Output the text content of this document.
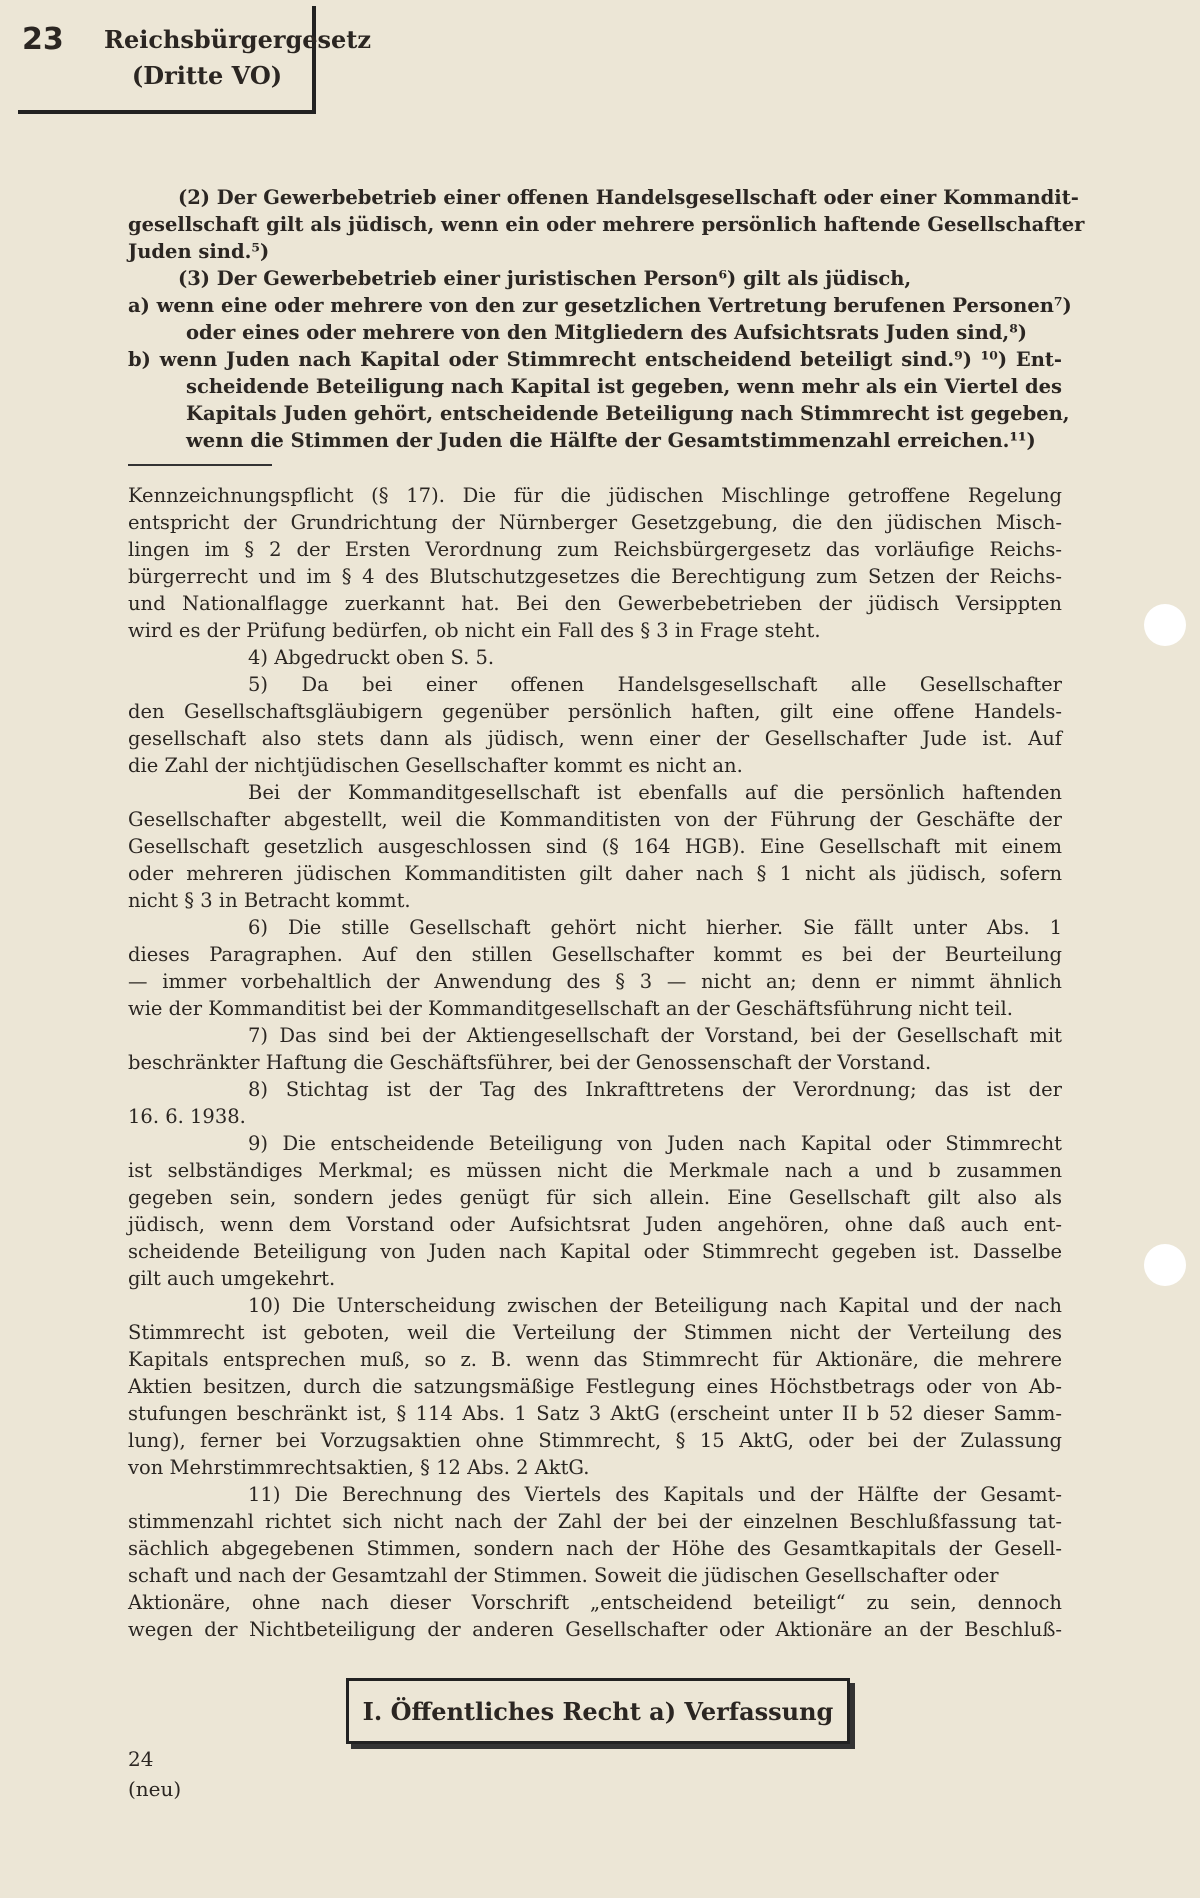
23 Reichsbürgergesetz
(Dritte VO)
(2) Der Gewerbebetrieb einer offenen Handelsgesellschaft oder einer Kommandit-
gesellschaft gilt als jüdisch, wenn ein oder mehrere persönlich haftende Gesellschafter
Juden sind.⁵)
(3) Der Gewerbebetrieb einer juristischen Person⁶) gilt als jüdisch,
a) wenn eine oder mehrere von den zur gesetzlichen Vertretung berufenen Personen⁷)
oder eines oder mehrere von den Mitgliedern des Aufsichtsrats Juden sind,⁸)
b) wenn Juden nach Kapital oder Stimmrecht entscheidend beteiligt sind.⁹) ¹⁰) Ent-
scheidende Beteiligung nach Kapital ist gegeben, wenn mehr als ein Viertel des
Kapitals Juden gehört, entscheidende Beteiligung nach Stimmrecht ist gegeben,
wenn die Stimmen der Juden die Hälfte der Gesamtstimmenzahl erreichen.¹¹)
Kennzeichnungspflicht (§ 17). Die für die jüdischen Mischlinge getroffene Regelung
entspricht der Grundrichtung der Nürnberger Gesetzgebung, die den jüdischen Misch-
lingen im § 2 der Ersten Verordnung zum Reichsbürgergesetz das vorläufige Reichs-
bürgerrecht und im § 4 des Blutschutzgesetzes die Berechtigung zum Setzen der Reichs-
und Nationalflagge zuerkannt hat. Bei den Gewerbebetrieben der jüdisch Versippten
wird es der Prüfung bedürfen, ob nicht ein Fall des § 3 in Frage steht.
4) Abgedruckt oben S. 5.
5) Da bei einer offenen Handelsgesellschaft alle Gesellschafter
den Gesellschaftsgläubigern gegenüber persönlich haften, gilt eine offene Handels-
gesellschaft also stets dann als jüdisch, wenn einer der Gesellschafter Jude ist. Auf
die Zahl der nichtjüdischen Gesellschafter kommt es nicht an.
Bei der Kommanditgesellschaft ist ebenfalls auf die persönlich haftenden
Gesellschafter abgestellt, weil die Kommanditisten von der Führung der Geschäfte der
Gesellschaft gesetzlich ausgeschlossen sind (§ 164 HGB). Eine Gesellschaft mit einem
oder mehreren jüdischen Kommanditisten gilt daher nach § 1 nicht als jüdisch, sofern
nicht § 3 in Betracht kommt.
6) Die stille Gesellschaft gehört nicht hierher. Sie fällt unter Abs. 1
dieses Paragraphen. Auf den stillen Gesellschafter kommt es bei der Beurteilung
— immer vorbehaltlich der Anwendung des § 3 — nicht an; denn er nimmt ähnlich
wie der Kommanditist bei der Kommanditgesellschaft an der Geschäftsführung nicht teil.
7) Das sind bei der Aktiengesellschaft der Vorstand, bei der Gesellschaft mit
beschränkter Haftung die Geschäftsführer, bei der Genossenschaft der Vorstand.
8) Stichtag ist der Tag des Inkrafttretens der Verordnung; das ist der
16. 6. 1938.
9) Die entscheidende Beteiligung von Juden nach Kapital oder Stimmrecht
ist selbständiges Merkmal; es müssen nicht die Merkmale nach a und b zusammen
gegeben sein, sondern jedes genügt für sich allein. Eine Gesellschaft gilt also als
jüdisch, wenn dem Vorstand oder Aufsichtsrat Juden angehören, ohne daß auch ent-
scheidende Beteiligung von Juden nach Kapital oder Stimmrecht gegeben ist. Dasselbe
gilt auch umgekehrt.
10) Die Unterscheidung zwischen der Beteiligung nach Kapital und der nach
Stimmrecht ist geboten, weil die Verteilung der Stimmen nicht der Verteilung des
Kapitals entsprechen muß, so z. B. wenn das Stimmrecht für Aktionäre, die mehrere
Aktien besitzen, durch die satzungsmäßige Festlegung eines Höchstbetrags oder von Ab-
stufungen beschränkt ist, § 114 Abs. 1 Satz 3 AktG (erscheint unter II b 52 dieser Samm-
lung), ferner bei Vorzugsaktien ohne Stimmrecht, § 15 AktG, oder bei der Zulassung
von Mehrstimmrechtsaktien, § 12 Abs. 2 AktG.
11) Die Berechnung des Viertels des Kapitals und der Hälfte der Gesamt-
stimmenzahl richtet sich nicht nach der Zahl der bei der einzelnen Beschlußfassung tat-
sächlich abgegebenen Stimmen, sondern nach der Höhe des Gesamtkapitals der Gesell-
schaft und nach der Gesamtzahl der Stimmen. Soweit die jüdischen Gesellschafter oder
Aktionäre, ohne nach dieser Vorschrift „entscheidend beteiligt“ zu sein, dennoch
wegen der Nichtbeteiligung der anderen Gesellschafter oder Aktionäre an der Beschluß-
I. Öffentliches Recht a) Verfassung
24
(neu)
